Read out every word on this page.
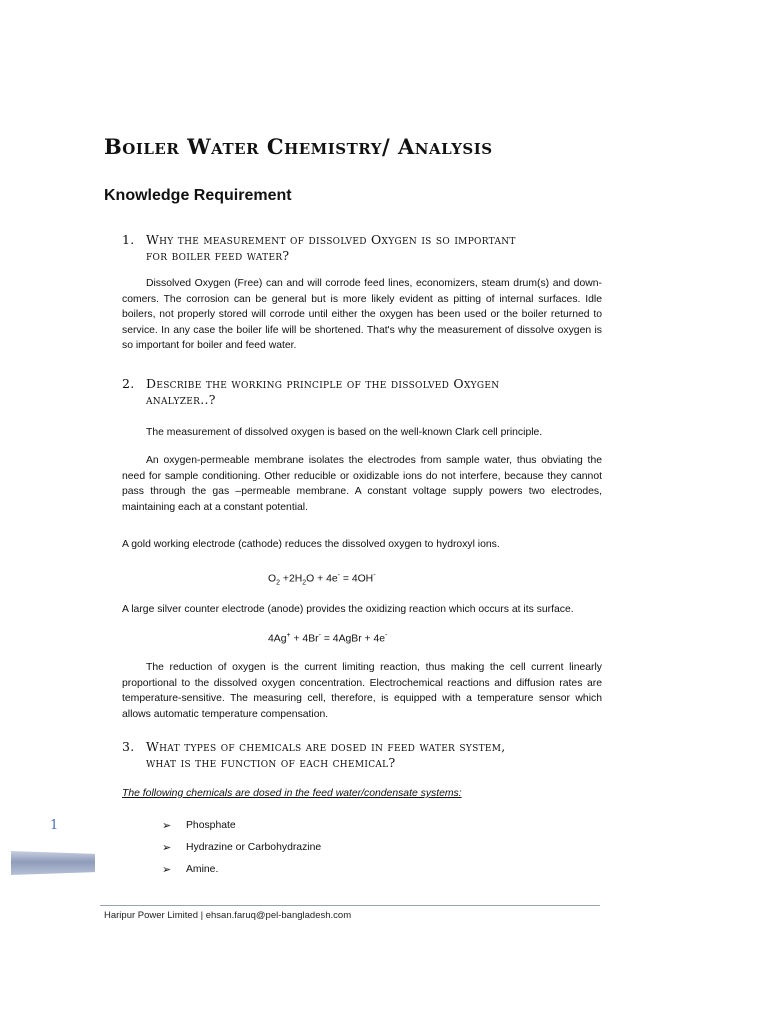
Boiler Water Chemistry/ Analysis
Knowledge Requirement
1. Why the measurement of dissolved Oxygen is so important
for boiler feed water?

Dissolved Oxygen (Free) can and will corrode feed lines, economizers, steam drum(s) and down-comers. The corrosion can be general but is more likely evident as pitting of internal surfaces. Idle boilers, not properly stored will corrode until either the oxygen has been used or the boiler returned to service. In any case the boiler life will be shortened. That's why the measurement of dissolve oxygen is so important for boiler and feed water.

2. Describe the working principle of the dissolved Oxygen
analyzer..?

The measurement of dissolved oxygen is based on the well-known Clark cell principle.

An oxygen-permeable membrane isolates the electrodes from sample water, thus obviating the need for sample conditioning. Other reducible or oxidizable ions do not interfere, because they cannot pass through the gas –permeable membrane. A constant voltage supply powers two electrodes, maintaining each at a constant potential.

A gold working electrode (cathode) reduces the dissolved oxygen to hydroxyl ions.

$O_2 +2H_2O + 4e^- = 4OH^-$

A large silver counter electrode (anode) provides the oxidizing reaction which occurs at its surface.

4Ag+ + 4Br- = 4AgBr + 4e-

The reduction of oxygen is the current limiting reaction, thus making the cell current linearly proportional to the dissolved oxygen concentration. Electrochemical reactions and diffusion rates are temperature-sensitive. The measuring cell, therefore, is equipped with a temperature sensor which allows automatic temperature compensation.

3. What types of chemicals are dosed in feed water system,
what is the function of each chemical?

The following chemicals are dosed in the feed water/condensate systems:

➢	Phosphate
➢	Hydrazine or Carbohydrazine
➢	Amine.
1

Haripur Power Limited | ehsan.faruq@pel-bangladesh.com
